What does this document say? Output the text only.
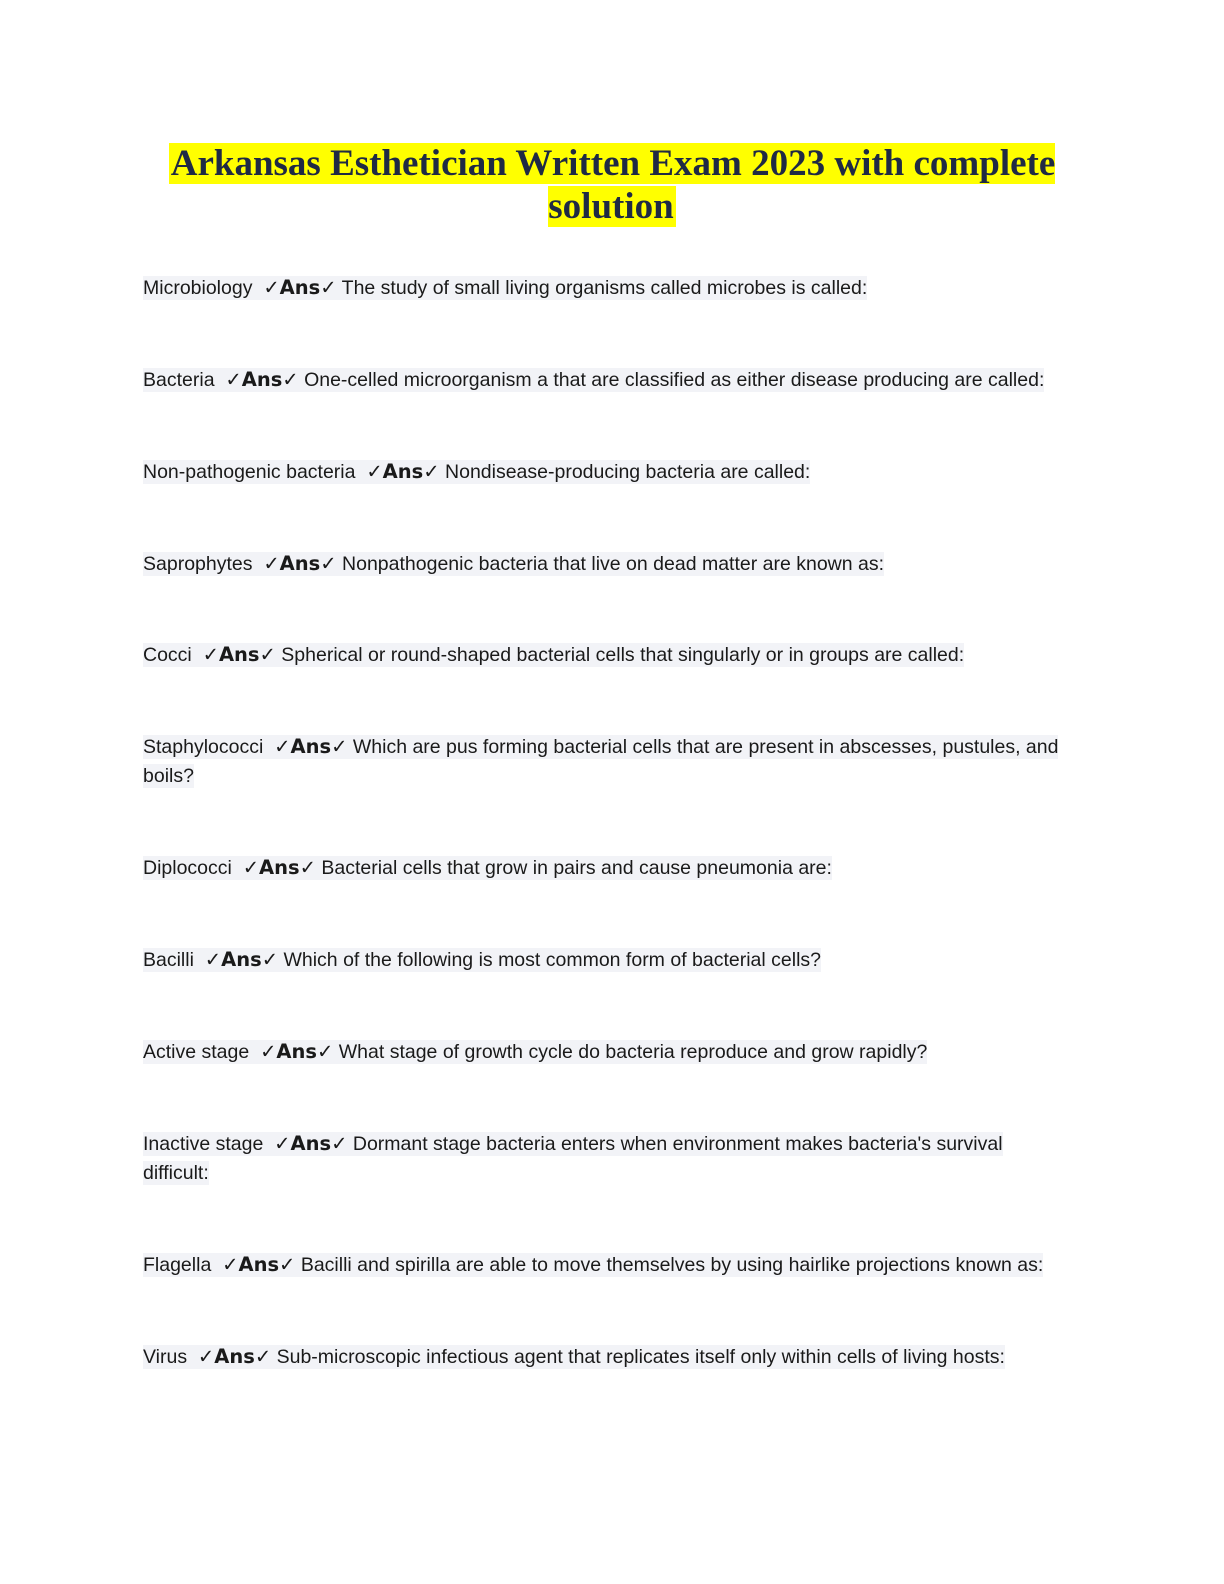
Arkansas Esthetician Written Exam 2023 with complete solution
Microbiology ✓Ans✓ The study of small living organisms called microbes is called:
Bacteria ✓Ans✓ One-celled microorganism a that are classified as either disease producing are called:
Non-pathogenic bacteria ✓Ans✓ Nondisease-producing bacteria are called:
Saprophytes ✓Ans✓ Nonpathogenic bacteria that live on dead matter are known as:
Cocci ✓Ans✓ Spherical or round-shaped bacterial cells that singularly or in groups are called:
Staphylococci ✓Ans✓ Which are pus forming bacterial cells that are present in abscesses, pustules, and boils?
Diplococci ✓Ans✓ Bacterial cells that grow in pairs and cause pneumonia are:
Bacilli ✓Ans✓ Which of the following is most common form of bacterial cells?
Active stage ✓Ans✓ What stage of growth cycle do bacteria reproduce and grow rapidly?
Inactive stage ✓Ans✓ Dormant stage bacteria enters when environment makes bacteria's survival difficult:
Flagella ✓Ans✓ Bacilli and spirilla are able to move themselves by using hairlike projections known as:
Virus ✓Ans✓ Sub-microscopic infectious agent that replicates itself only within cells of living hosts:
